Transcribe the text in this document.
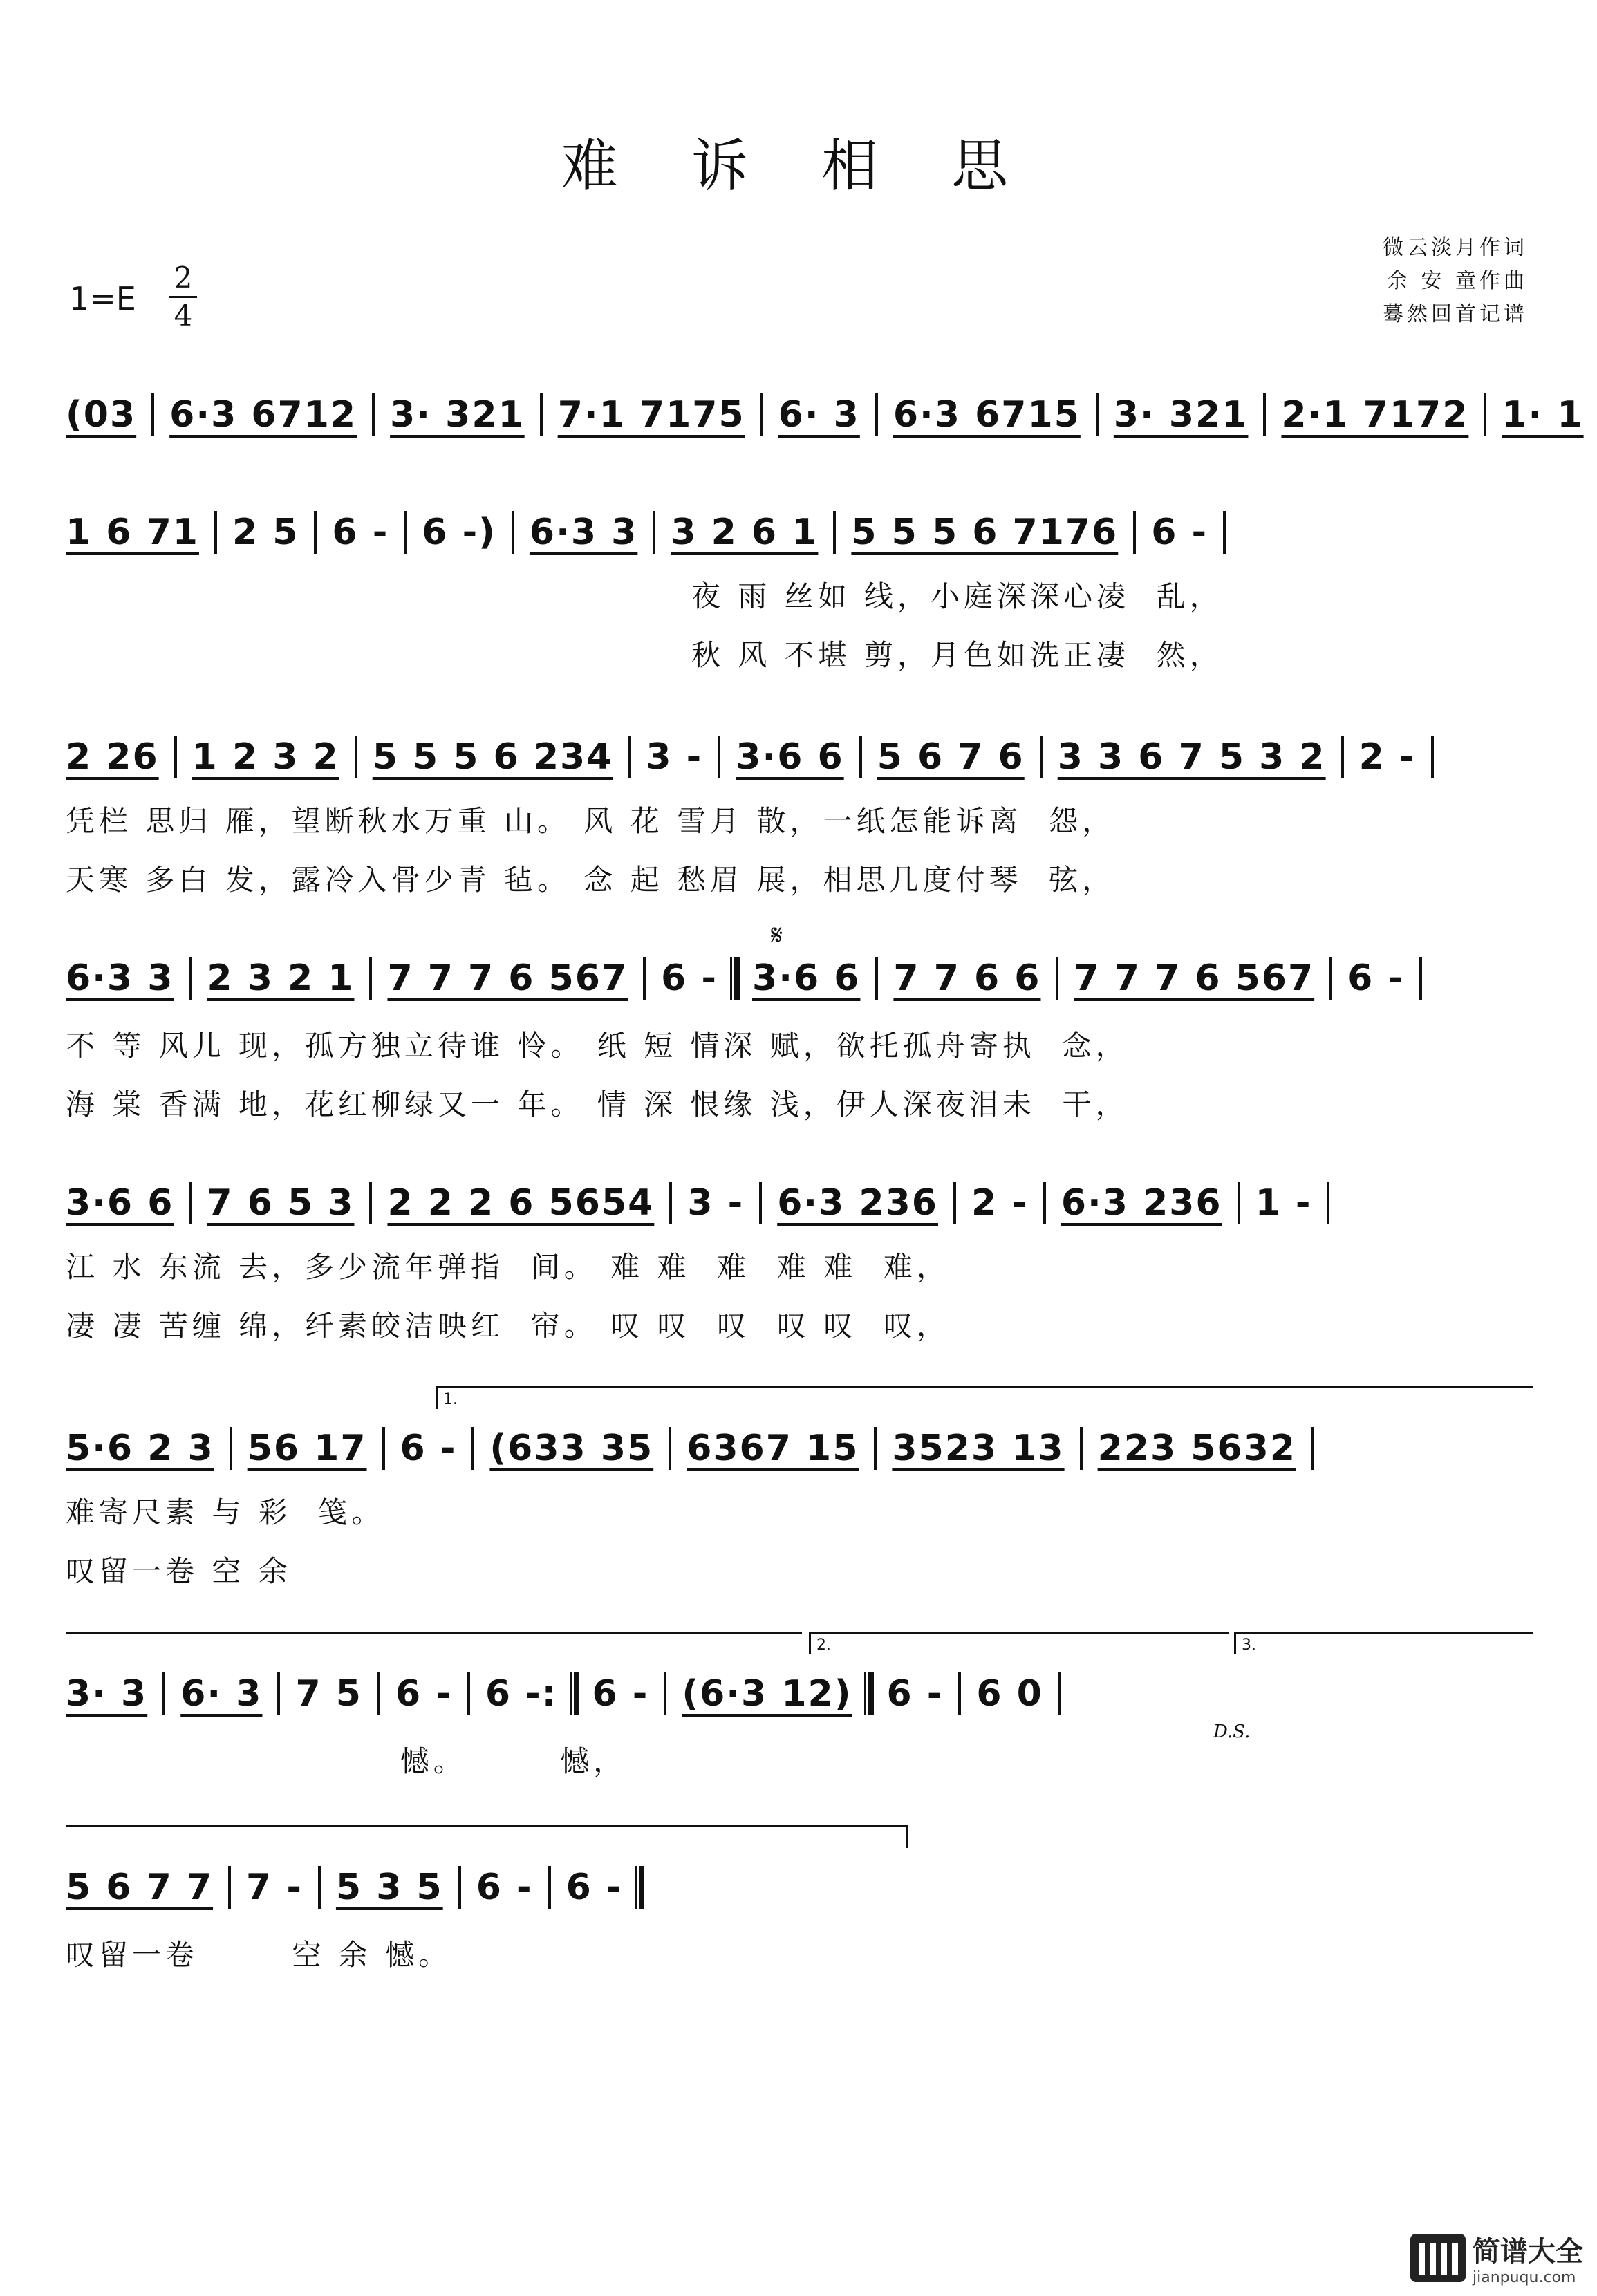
难 诉 相 思
微云淡月作词
余 安 童作曲
蓦然回首记谱
1=E
2
4
(03 6·3 6712 3· 321 7·1 7175 6· 3 6·3 6715 3· 321 2·1 7172 1· 1
1 6 71 2 5 6 - 6 -) 6·3 3 3 2 6 1 5 5 5 6 7176 6 -
夜 雨 丝如 线，小庭深深心凌  乱，
秋 风 不堪 剪，月色如洗正凄  然，
2 26 1 2 3 2 5 5 5 6 234 3 - 3·6 6 5 6 7 6 3 3 6 7 5 3 2 2 -
凭栏 思归 雁，望断秋水万重 山。 风 花 雪月 散，一纸怎能诉离  怨，
天寒 多白 发，露冷入骨少青 毡。 念 起 愁眉 展，相思几度付琴  弦，
𝄋
6·3 3 2 3 2 1 7 7 7 6 567 6 - 3·6 6 7 7 6 6 7 7 7 6 567 6 -
不 等 风儿 现，孤方独立待谁 怜。 纸 短 情深 赋，欲托孤舟寄执  念，
海 棠 香满 地，花红柳绿又一 年。 情 深 恨缘 浅，伊人深夜泪未  干，
3·6 6 7 6 5 3 2 2 2 6 5654 3 - 6·3 236 2 - 6·3 236 1 -
江 水 东流 去，多少流年弹指  间。 难 难  难  难 难  难，
凄 凄 苦缠 绵，纤素皎洁映红  帘。 叹 叹  叹  叹 叹  叹，
1.
5·6 2 3 56 17 6 - (633 35 6367 15 3523 13 223 5632
难寄尺素 与 彩  笺。
叹留一卷 空 余
2.	3.
3· 3 6· 3 7 5 6 - 6 -: 6 - (6·3 12) 6 - 6 0
D.S.
憾。       憾，
5 6 7 7 7 - 5 3 5 6 - 6 -
叹留一卷       空 余 憾。
简谱大全
jianpuqu.com
